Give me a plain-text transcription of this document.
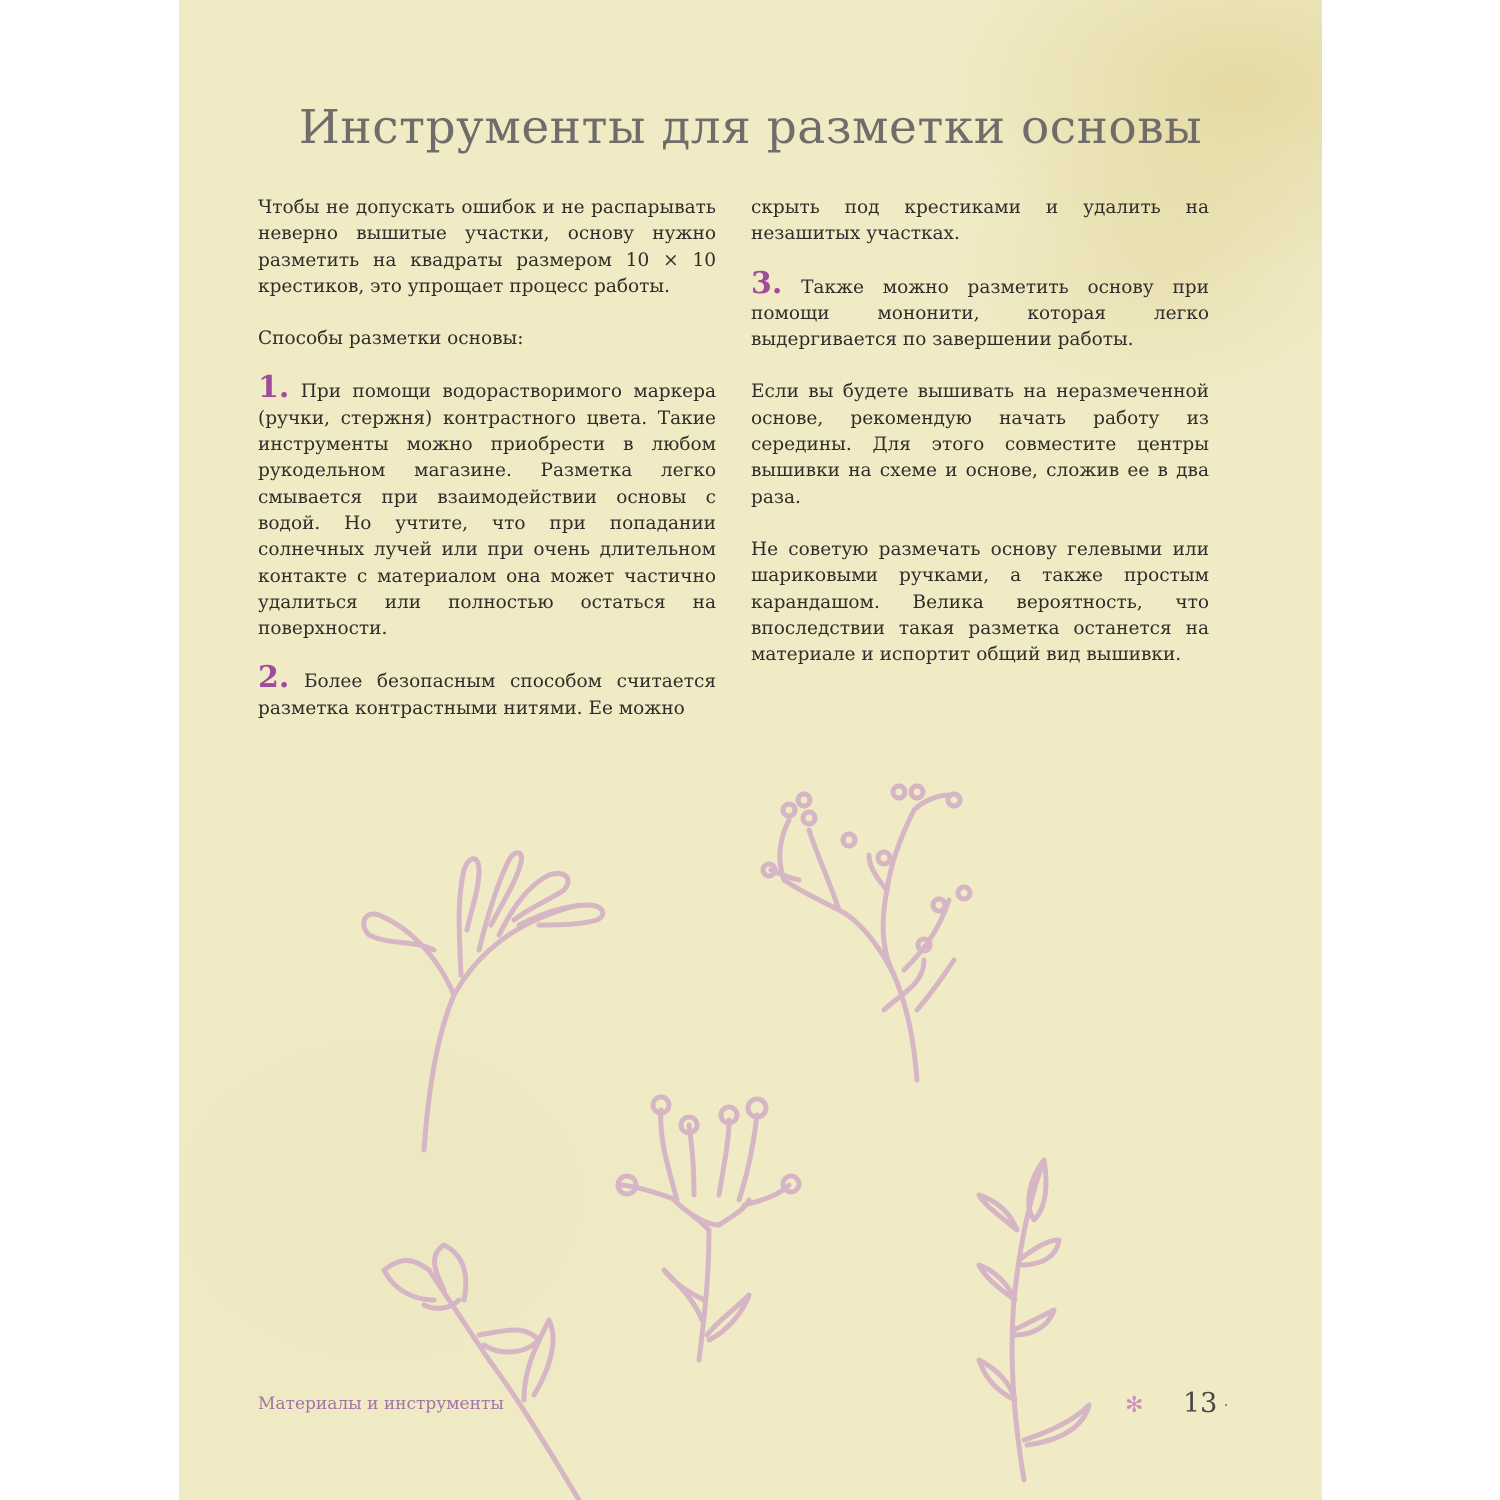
Инструменты для разметки основы

Чтобы не допускать ошибок и не распарывать неверно вышитые участки, основу нужно разметить на квадраты размером 10 × 10 крестиков, это упрощает процесс работы.

Способы разметки основы:

1. При помощи водорастворимого маркера (ручки, стержня) контрастного цвета. Такие инструменты можно приобрести в любом рукодельном магазине. Разметка легко смывается при взаимодействии основы с водой. Но учтите, что при попадании солнечных лучей или при очень длительном контакте с материалом она может частично удалиться или полностью остаться на поверхности.

2. Более безопасным способом считается разметка контрастными нитями. Ее можно

скрыть под крестиками и удалить на незашитых участках.

3. Также можно разметить основу при помощи мононити, которая легко выдергивается по завершении работы.

Если вы будете вышивать на неразмеченной основе, рекомендую начать работу из середины. Для этого совместите центры вышивки на схеме и основе, сложив ее в два раза.

Не советую размечать основу гелевыми или шариковыми ручками, а также простым карандашом. Велика вероятность, что впоследствии такая разметка останется на материале и испортит общий вид вышивки.

Материалы и инструменты	✻ 13
